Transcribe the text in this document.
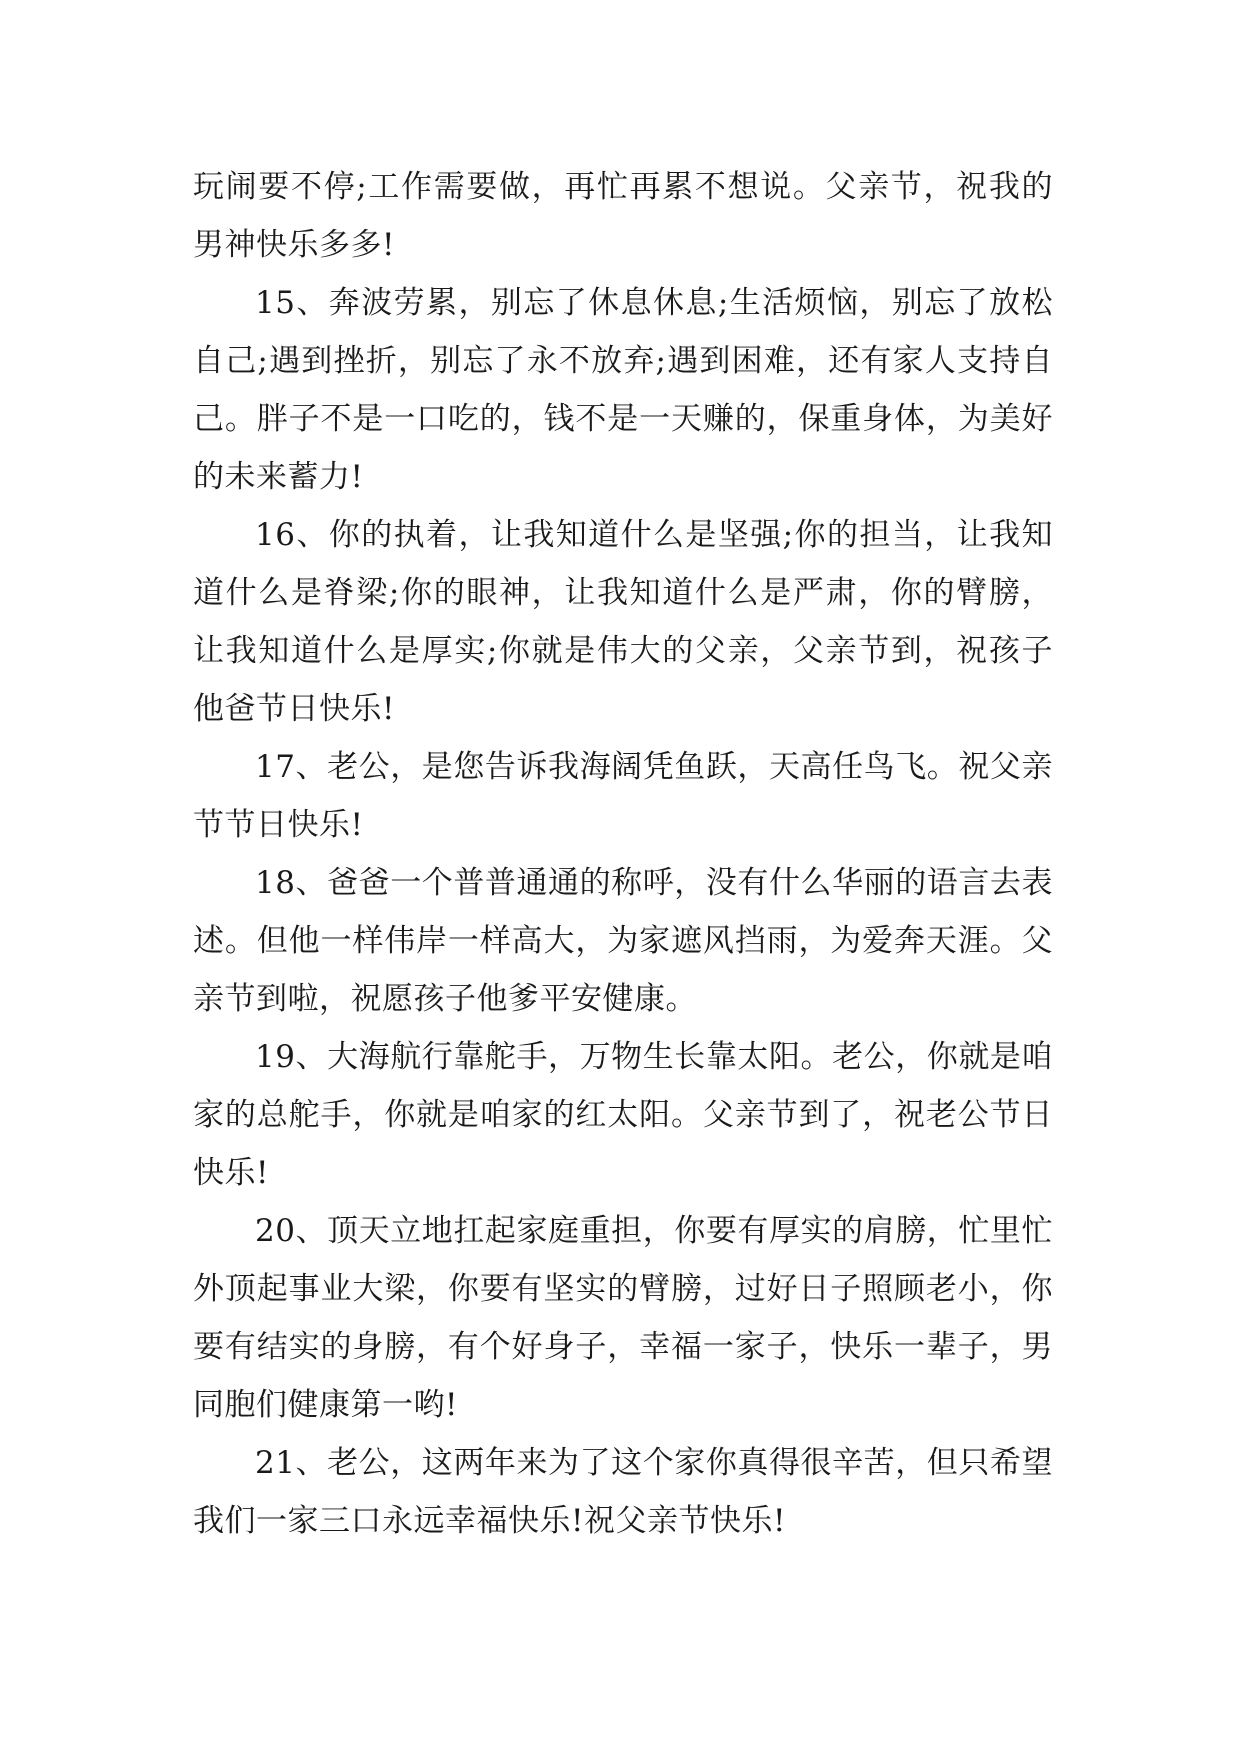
玩闹要不停;工作需要做，再忙再累不想说。父亲节，祝我的男神快乐多多!

15、奔波劳累，别忘了休息休息;生活烦恼，别忘了放松自己;遇到挫折，别忘了永不放弃;遇到困难，还有家人支持自己。胖子不是一口吃的，钱不是一天赚的，保重身体，为美好的未来蓄力!

16、你的执着，让我知道什么是坚强;你的担当，让我知道什么是脊梁;你的眼神，让我知道什么是严肃，你的臂膀，让我知道什么是厚实;你就是伟大的父亲，父亲节到，祝孩子他爸节日快乐!

17、老公，是您告诉我海阔凭鱼跃，天高任鸟飞。祝父亲节节日快乐!

18、爸爸一个普普通通的称呼，没有什么华丽的语言去表述。但他一样伟岸一样高大，为家遮风挡雨，为爱奔天涯。父亲节到啦，祝愿孩子他爹平安健康。

19、大海航行靠舵手，万物生长靠太阳。老公，你就是咱家的总舵手，你就是咱家的红太阳。父亲节到了，祝老公节日快乐!

20、顶天立地扛起家庭重担，你要有厚实的肩膀，忙里忙外顶起事业大梁，你要有坚实的臂膀，过好日子照顾老小，你要有结实的身膀，有个好身子，幸福一家子，快乐一辈子，男同胞们健康第一哟!

21、老公，这两年来为了这个家你真得很辛苦，但只希望我们一家三口永远幸福快乐!祝父亲节快乐!
